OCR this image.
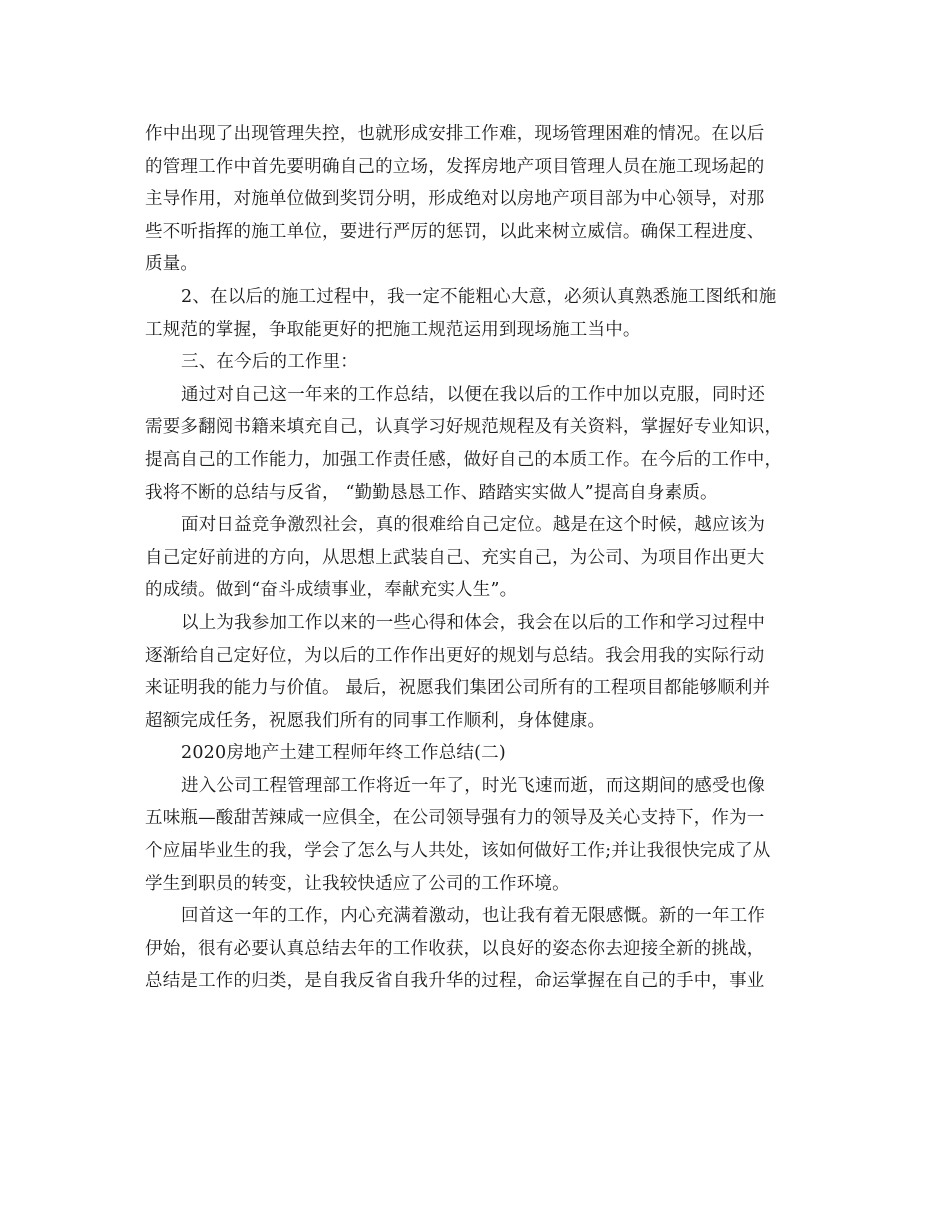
作中出现了出现管理失控，也就形成安排工作难，现场管理困难的情况。在以后
的管理工作中首先要明确自己的立场，发挥房地产项目管理人员在施工现场起的
主导作用，对施单位做到奖罚分明，形成绝对以房地产项目部为中心领导，对那
些不听指挥的施工单位，要进行严厉的惩罚，以此来树立威信。确保工程进度、
质量。
2、在以后的施工过程中，我一定不能粗心大意，必须认真熟悉施工图纸和施
工规范的掌握，争取能更好的把施工规范运用到现场施工当中。
三、在今后的工作里：
通过对自己这一年来的工作总结，以便在我以后的工作中加以克服，同时还
需要多翻阅书籍来填充自己，认真学习好规范规程及有关资料，掌握好专业知识，
提高自己的工作能力，加强工作责任感，做好自己的本质工作。在今后的工作中，
我将不断的总结与反省， “勤勤恳恳工作、踏踏实实做人”提高自身素质。
面对日益竞争激烈社会，真的很难给自己定位。越是在这个时候，越应该为
自己定好前进的方向，从思想上武装自己、充实自己，为公司、为项目作出更大
的成绩。做到“奋斗成绩事业，奉献充实人生”。
以上为我参加工作以来的一些心得和体会，我会在以后的工作和学习过程中
逐渐给自己定好位，为以后的工作作出更好的规划与总结。我会用我的实际行动
来证明我的能力与价值。 最后，祝愿我们集团公司所有的工程项目都能够顺利并
超额完成任务，祝愿我们所有的同事工作顺利，身体健康。
2020房地产土建工程师年终工作总结(二)
进入公司工程管理部工作将近一年了，时光飞速而逝，而这期间的感受也像
五味瓶—酸甜苦辣咸一应俱全，在公司领导强有力的领导及关心支持下，作为一
个应届毕业生的我，学会了怎么与人共处，该如何做好工作;并让我很快完成了从
学生到职员的转变，让我较快适应了公司的工作环境。
回首这一年的工作，内心充满着激动，也让我有着无限感慨。新的一年工作
伊始，很有必要认真总结去年的工作收获，以良好的姿态你去迎接全新的挑战，
总结是工作的归类，是自我反省自我升华的过程，命运掌握在自己的手中，事业
